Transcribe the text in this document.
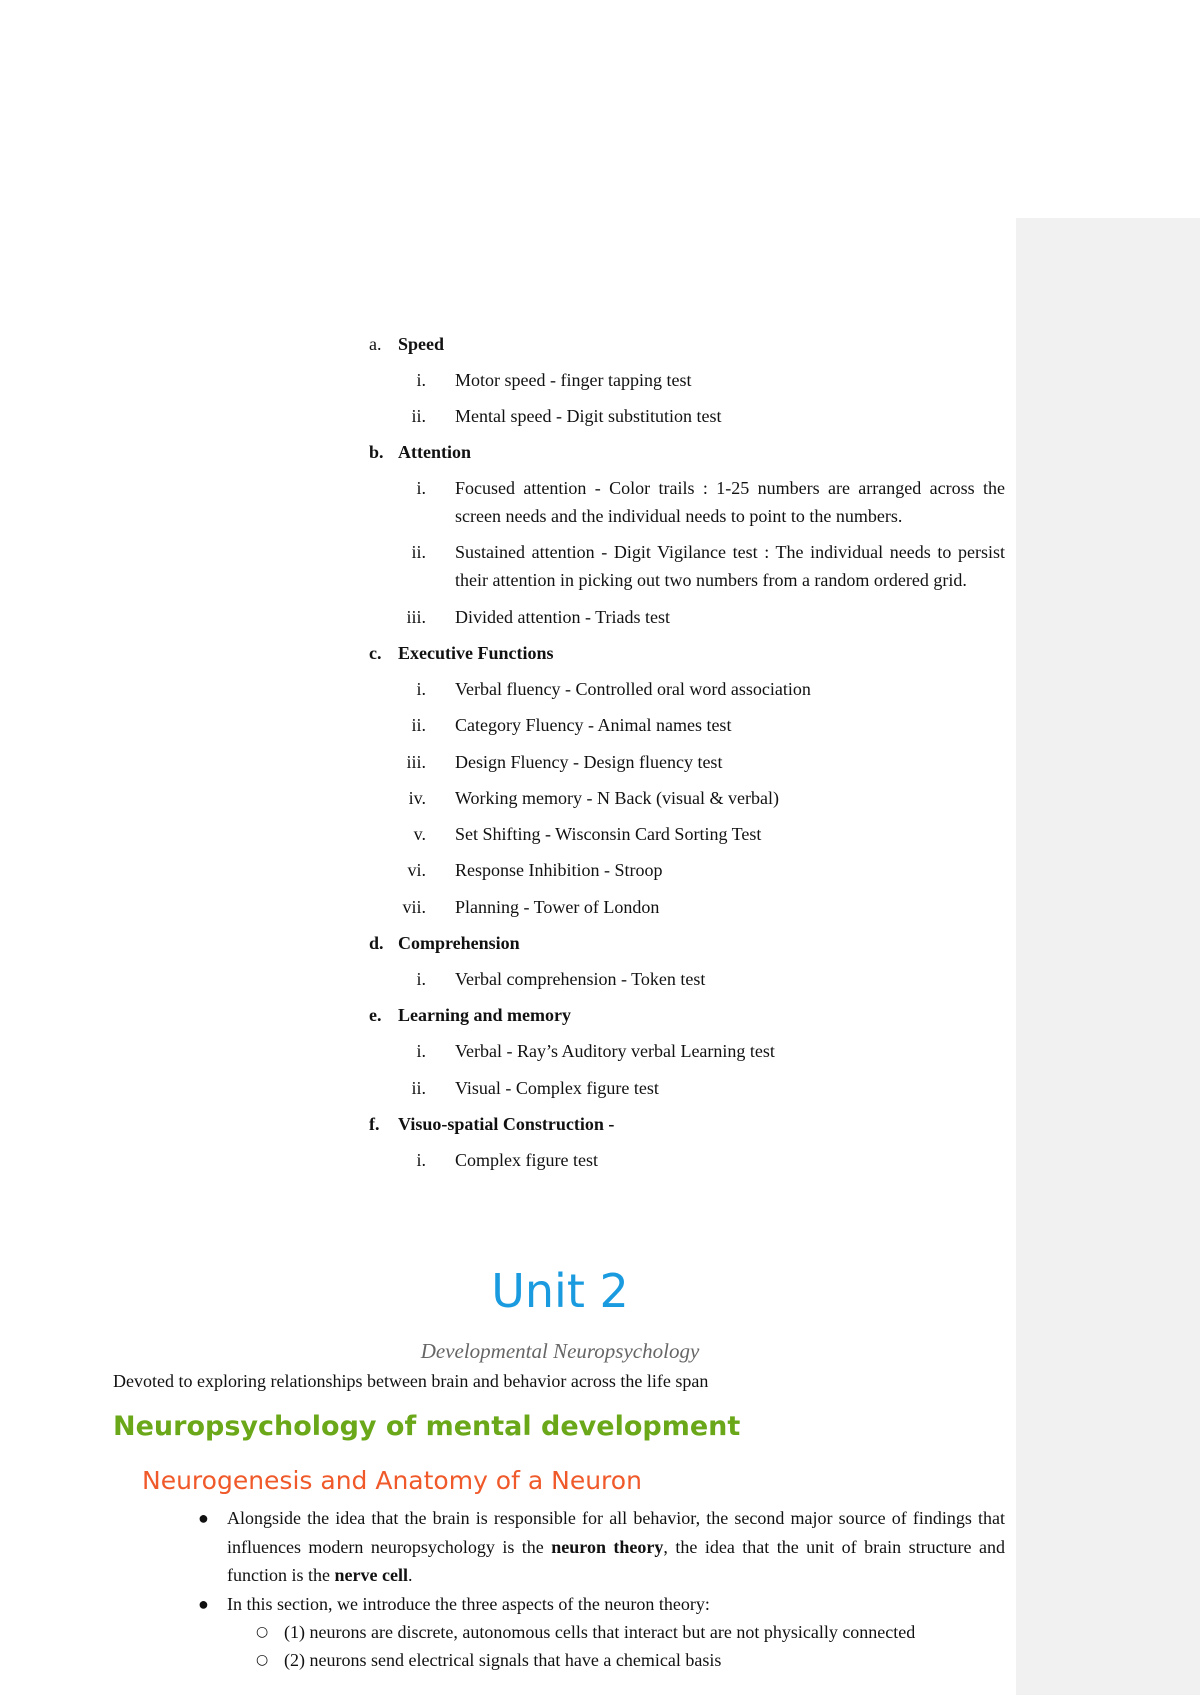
a. Speed
i. Motor speed - finger tapping test
ii. Mental speed - Digit substitution test
b. Attention
i. Focused attention - Color trails : 1-25 numbers are arranged across the screen needs and the individual needs to point to the numbers.
ii. Sustained attention - Digit Vigilance test : The individual needs to persist their attention in picking out two numbers from a random ordered grid.
iii. Divided attention - Triads test
c. Executive Functions
i. Verbal fluency - Controlled oral word association
ii. Category Fluency - Animal names test
iii. Design Fluency - Design fluency test
iv. Working memory - N Back (visual & verbal)
v. Set Shifting - Wisconsin Card Sorting Test
vi. Response Inhibition - Stroop
vii. Planning - Tower of London
d. Comprehension
i. Verbal comprehension - Token test
e. Learning and memory
i. Verbal - Ray’s Auditory verbal Learning test
ii. Visual - Complex figure test
f.	Visuo-spatial Construction -
i. Complex figure test
Unit 2
Developmental Neuropsychology
Devoted to exploring relationships between brain and behavior across the life span
Neuropsychology of mental development
Neurogenesis and Anatomy of a Neuron
● Alongside the idea that the brain is responsible for all behavior, the second major source of findings that influences modern neuropsychology is the neuron theory, the idea that the unit of brain structure and function is the nerve cell.
● In this section, we introduce the three aspects of the neuron theory:
○ (1) neurons are discrete, autonomous cells that interact but are not physically connected
○ (2) neurons send electrical signals that have a chemical basis
